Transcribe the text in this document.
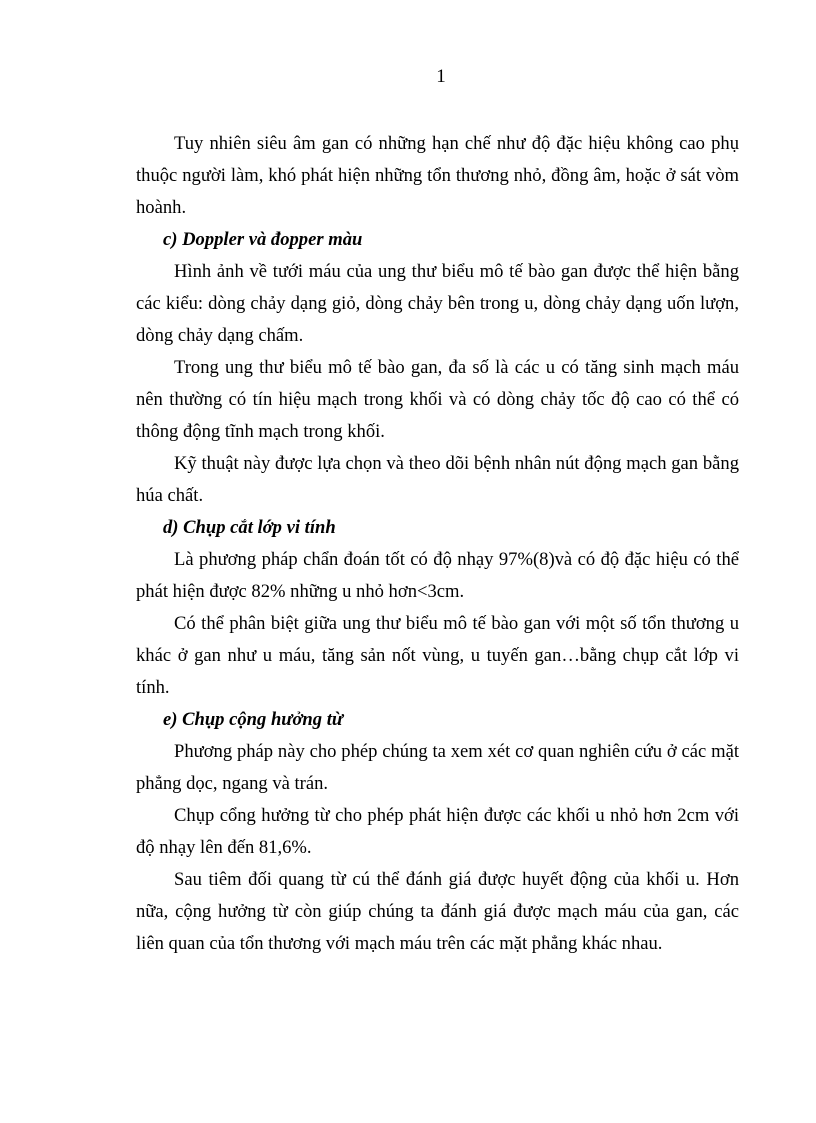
1

Tuy nhiên siêu âm gan có những hạn chế như độ đặc hiệu không cao phụ thuộc người làm, khó phát hiện những tổn thương nhỏ, đồng âm, hoặc ở sát vòm hoành.

c) Doppler và đopper màu

Hình ảnh về tưới máu của ung thư biểu mô tế bào gan được thể hiện bằng các kiểu: dòng chảy dạng giỏ, dòng chảy bên trong u, dòng chảy dạng uốn lượn, dòng chảy dạng chấm.

Trong ung thư biểu mô tế bào gan, đa số là các u có tăng sinh mạch máu nên thường có tín hiệu mạch trong khối và có dòng chảy tốc độ cao có thể có thông động tĩnh mạch trong khối.

Kỹ thuật này được lựa chọn và theo dõi bệnh nhân nút động mạch gan bằng húa chất.

d) Chụp cắt lớp vi tính

Là phương pháp chẩn đoán tốt có độ nhạy 97%(8)và có độ đặc hiệu có thể phát hiện được 82% những u nhỏ hơn<3cm.

Có thể phân biệt giữa ung thư biểu mô tế bào gan với một số tổn thương u khác ở gan như u máu, tăng sản nốt vùng, u tuyến gan…bằng chụp cắt lớp vi tính.

e) Chụp cộng hưởng từ

Phương pháp này cho phép chúng ta xem xét cơ quan nghiên cứu ở các mặt phẳng dọc, ngang và trán.

Chụp cổng hưởng từ cho phép phát hiện được các khối u nhỏ hơn 2cm với độ nhạy lên đến 81,6%.

Sau tiêm đối quang từ cú thể đánh giá được huyết động của khối u. Hơn nữa, cộng hưởng từ còn giúp chúng ta đánh giá được mạch máu của gan, các liên quan của tổn thương với mạch máu trên các mặt phẳng khác nhau.
